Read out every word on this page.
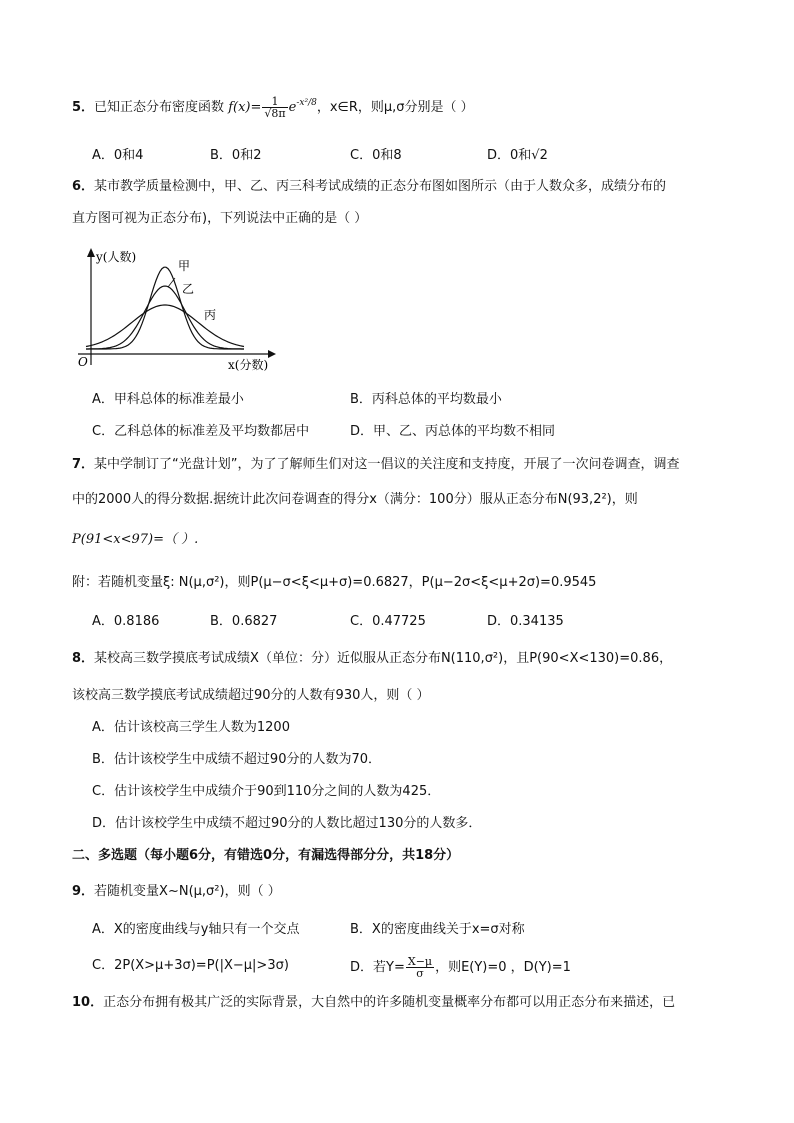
5．已知正态分布密度函数 $f(x)= \frac{1}{√8\pi} e^{-x^2/8}$，x∈R，则μ,σ分别是（ ）
A．0和4	B．0和2	C．0和8	D．0和√2
6．某市教学质量检测中，甲、乙、丙三科考试成绩的正态分布图如图所示（由于人数众多，成绩分布的
直方图可视为正态分布)，下列说法中正确的是（ ）
y(人数)
x(分数)
O
甲
乙
丙
A．甲科总体的标准差最小	B．丙科总体的平均数最小
C．乙科总体的标准差及平均数都居中	D．甲、乙、丙总体的平均数不相同
7．某中学制订了“光盘计划”，为了了解师生们对这一倡议的关注度和支持度，开展了一次问卷调查，调查
中的2000人的得分数据.据统计此次问卷调查的得分x（满分：100分）服从正态分布N(93,2²)，则
P(91<x<97)=（ ）.
附：若随机变量ξ: N(μ,σ²)，则P(μ−σ<ξ<μ+σ)=0.6827，P(μ−2σ<ξ<μ+2σ)=0.9545
A．0.8186	B．0.6827	C．0.47725	D．0.34135
8．某校高三数学摸底考试成绩X（单位：分）近似服从正态分布N(110,σ²)，且P(90<X<130)=0.86，
该校高三数学摸底考试成绩超过90分的人数有930人，则（ ）
A．估计该校高三学生人数为1200
B．估计该校学生中成绩不超过90分的人数为70．
C．估计该校学生中成绩介于90到110分之间的人数为425．
D．估计该校学生中成绩不超过90分的人数比超过130分的人数多．
二、多选题（每小题6分，有错选0分，有漏选得部分分，共18分）
9．若随机变量X~N(μ,σ²)，则（ ）
A．X的密度曲线与y轴只有一个交点	B．X的密度曲线关于x=σ对称
C．2P(X>μ+3σ)=P(|X−μ|>3σ)	D．若$Y= \frac{X-\mu}{\sigma}$ ，则E(Y)=0 ，D(Y)=1
10．正态分布拥有极其广泛的实际背景，大自然中的许多随机变量概率分布都可以用正态分布来描述，已
